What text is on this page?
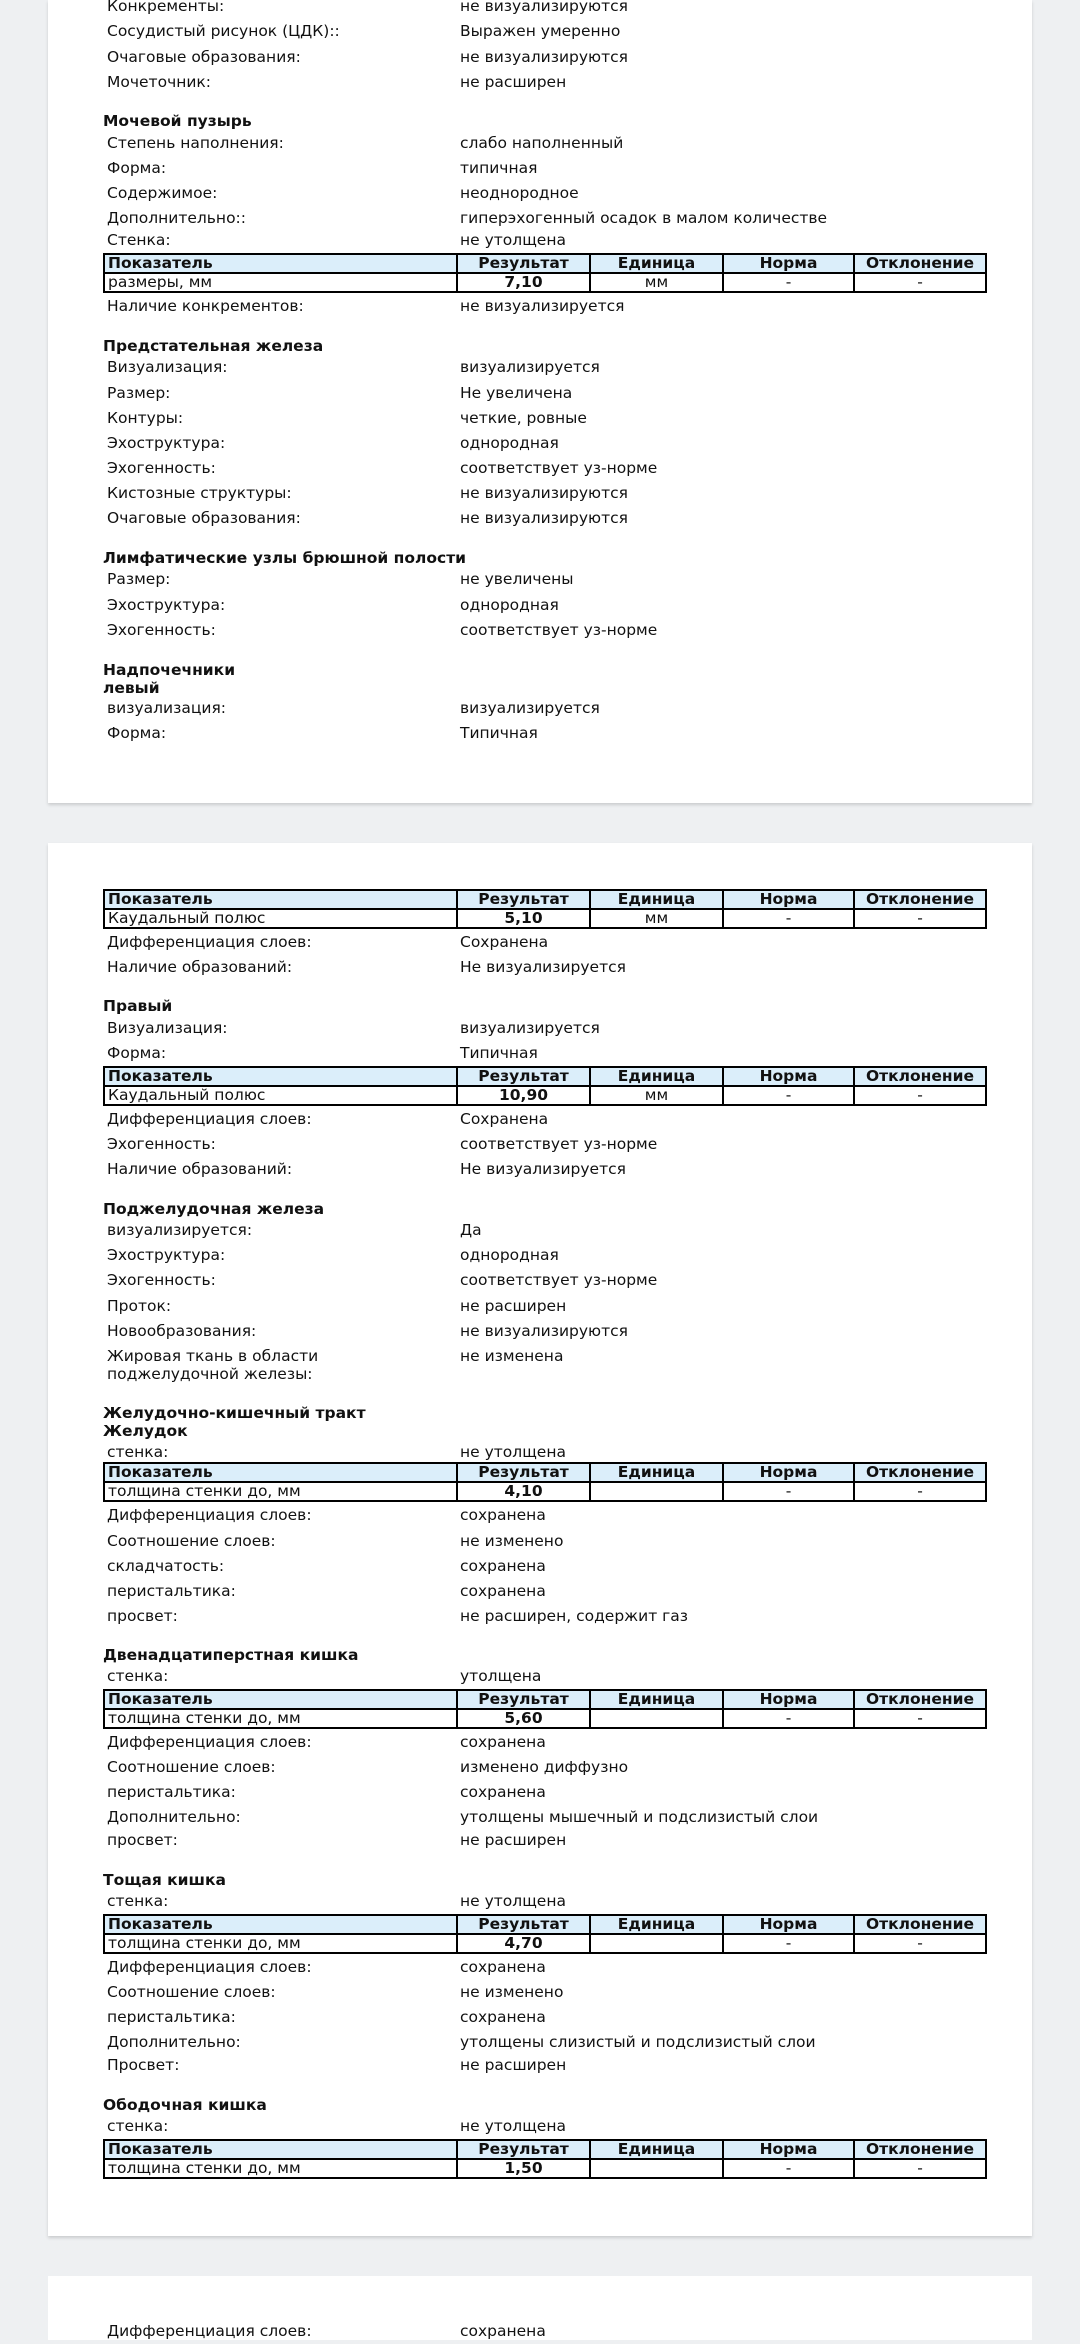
Конкременты:	не визуализируются
Сосудистый рисунок (ЦДК)::	Выражен умеренно
Очаговые образования:	не визуализируются
Мочеточник:	не расширен
Мочевой пузырь
Степень наполнения:	слабо наполненный
Форма:	типичная
Содержимое:	неоднородное
Дополнительно::	гиперэхогенный осадок в малом количестве
Стенка:	не утолщена
Показатель	Результат	Единица	Норма	Отклонение
размеры, мм	7,10	мм	-	-
Наличие конкрементов:	не визуализируется
Предстательная железа
Визуализация:	визуализируется
Размер:	Не увеличена
Контуры:	четкие, ровные
Эхоструктура:	однородная
Эхогенность:	соответствует уз-норме
Кистозные структуры:	не визуализируются
Очаговые образования:	не визуализируются
Лимфатические узлы брюшной полости
Размер:	не увеличены
Эхоструктура:	однородная
Эхогенность:	соответствует уз-норме
Надпочечники
левый
визуализация:	визуализируется
Форма:	Типичная
Показатель	Результат	Единица	Норма	Отклонение
Каудальный полюс	5,10	мм	-	-
Дифференциация слоев:	Сохранена
Наличие образований:	Не визуализируется
Правый
Визуализация:	визуализируется
Форма:	Типичная
Показатель	Результат	Единица	Норма	Отклонение
Каудальный полюс	10,90	мм	-	-
Дифференциация слоев:	Сохранена
Эхогенность:	соответствует уз-норме
Наличие образований:	Не визуализируется
Поджелудочная железа
визуализируется:	Да
Эхоструктура:	однородная
Эхогенность:	соответствует уз-норме
Проток:	не расширен
Новообразования:	не визуализируются
Жировая ткань в области поджелудочной железы:
не изменена
Желудочно-кишечный тракт
Желудок
стенка:	не утолщена
Показатель	Результат	Единица	Норма	Отклонение
толщина стенки до, мм	4,10		-	-
Дифференциация слоев:	сохранена
Соотношение слоев:	не изменено
складчатость:	сохранена
перистальтика:	сохранена
просвет:	не расширен, содержит газ
Двенадцатиперстная кишка
стенка:	утолщена
Показатель	Результат	Единица	Норма	Отклонение
толщина стенки до, мм	5,60		-	-
Дифференциация слоев:	сохранена
Соотношение слоев:	изменено диффузно
перистальтика:	сохранена
Дополнительно:	утолщены мышечный и подслизистый слои
просвет:	не расширен
Тощая кишка
стенка:	не утолщена
Показатель	Результат	Единица	Норма	Отклонение
толщина стенки до, мм	4,70		-	-
Дифференциация слоев:	сохранена
Соотношение слоев:	не изменено
перистальтика:	сохранена
Дополнительно:	утолщены слизистый и подслизистый слои
Просвет:	не расширен
Ободочная кишка
стенка:	не утолщена
Показатель	Результат	Единица	Норма	Отклонение
толщина стенки до, мм	1,50		-	-
Дифференциация слоев:	сохранена
